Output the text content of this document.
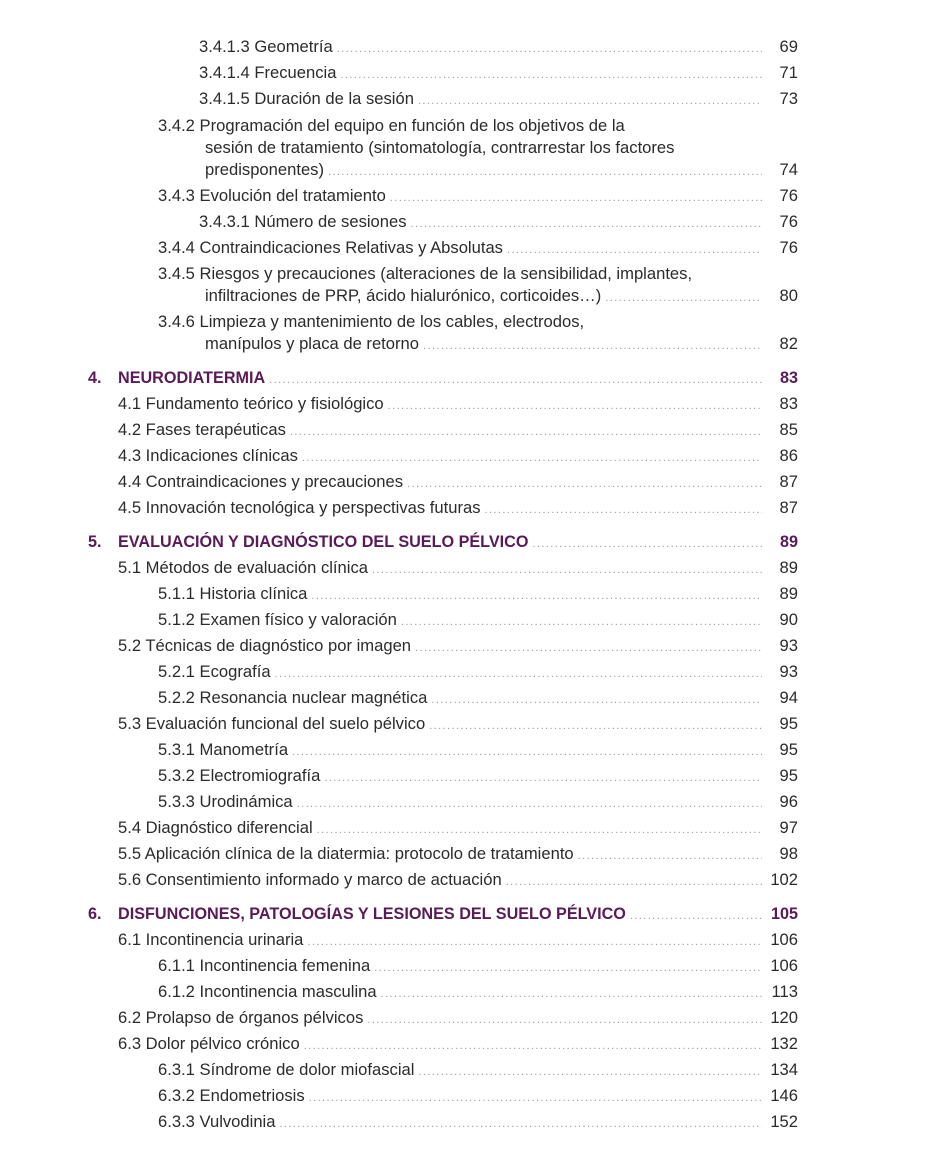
3.4.1.3 Geometría .....	69
3.4.1.4 Frecuencia .....	71
3.4.1.5 Duración de la sesión .....	73
3.4.2 Programación del equipo en función de los objetivos de la
sesión de tratamiento (sintomatología, contrarrestar los factores
predisponentes) .....	74
3.4.3 Evolución del tratamiento .....	76
3.4.3.1 Número de sesiones .....	76
3.4.4 Contraindicaciones Relativas y Absolutas .....	76
3.4.5 Riesgos y precauciones (alteraciones de la sensibilidad, implantes,
infiltraciones de PRP, ácido hialurónico, corticoides…) .....	80
3.4.6 Limpieza y mantenimiento de los cables, electrodos,
manípulos y placa de retorno .....	82
4. NEURODIATERMIA .....	83
4.1 Fundamento teórico y fisiológico .....	83
4.2 Fases terapéuticas .....	85
4.3 Indicaciones clínicas .....	86
4.4 Contraindicaciones y precauciones .....	87
4.5 Innovación tecnológica y perspectivas futuras .....	87
5. EVALUACIÓN Y DIAGNÓSTICO DEL SUELO PÉLVICO .....	89
5.1 Métodos de evaluación clínica .....	89
5.1.1 Historia clínica .....	89
5.1.2 Examen físico y valoración .....	90
5.2 Técnicas de diagnóstico por imagen .....	93
5.2.1 Ecografía .....	93
5.2.2 Resonancia nuclear magnética .....	94
5.3 Evaluación funcional del suelo pélvico .....	95
5.3.1 Manometría .....	95
5.3.2 Electromiografía .....	95
5.3.3 Urodinámica .....	96
5.4 Diagnóstico diferencial .....	97
5.5 Aplicación clínica de la diatermia: protocolo de tratamiento .....	98
5.6 Consentimiento informado y marco de actuación .....	102
6. DISFUNCIONES, PATOLOGÍAS Y LESIONES DEL SUELO PÉLVICO .....	105
6.1 Incontinencia urinaria .....	106
6.1.1 Incontinencia femenina .....	106
6.1.2 Incontinencia masculina .....	113
6.2 Prolapso de órganos pélvicos .....	120
6.3 Dolor pélvico crónico .....	132
6.3.1 Síndrome de dolor miofascial .....	134
6.3.2 Endometriosis .....	146
6.3.3 Vulvodinia .....	152
